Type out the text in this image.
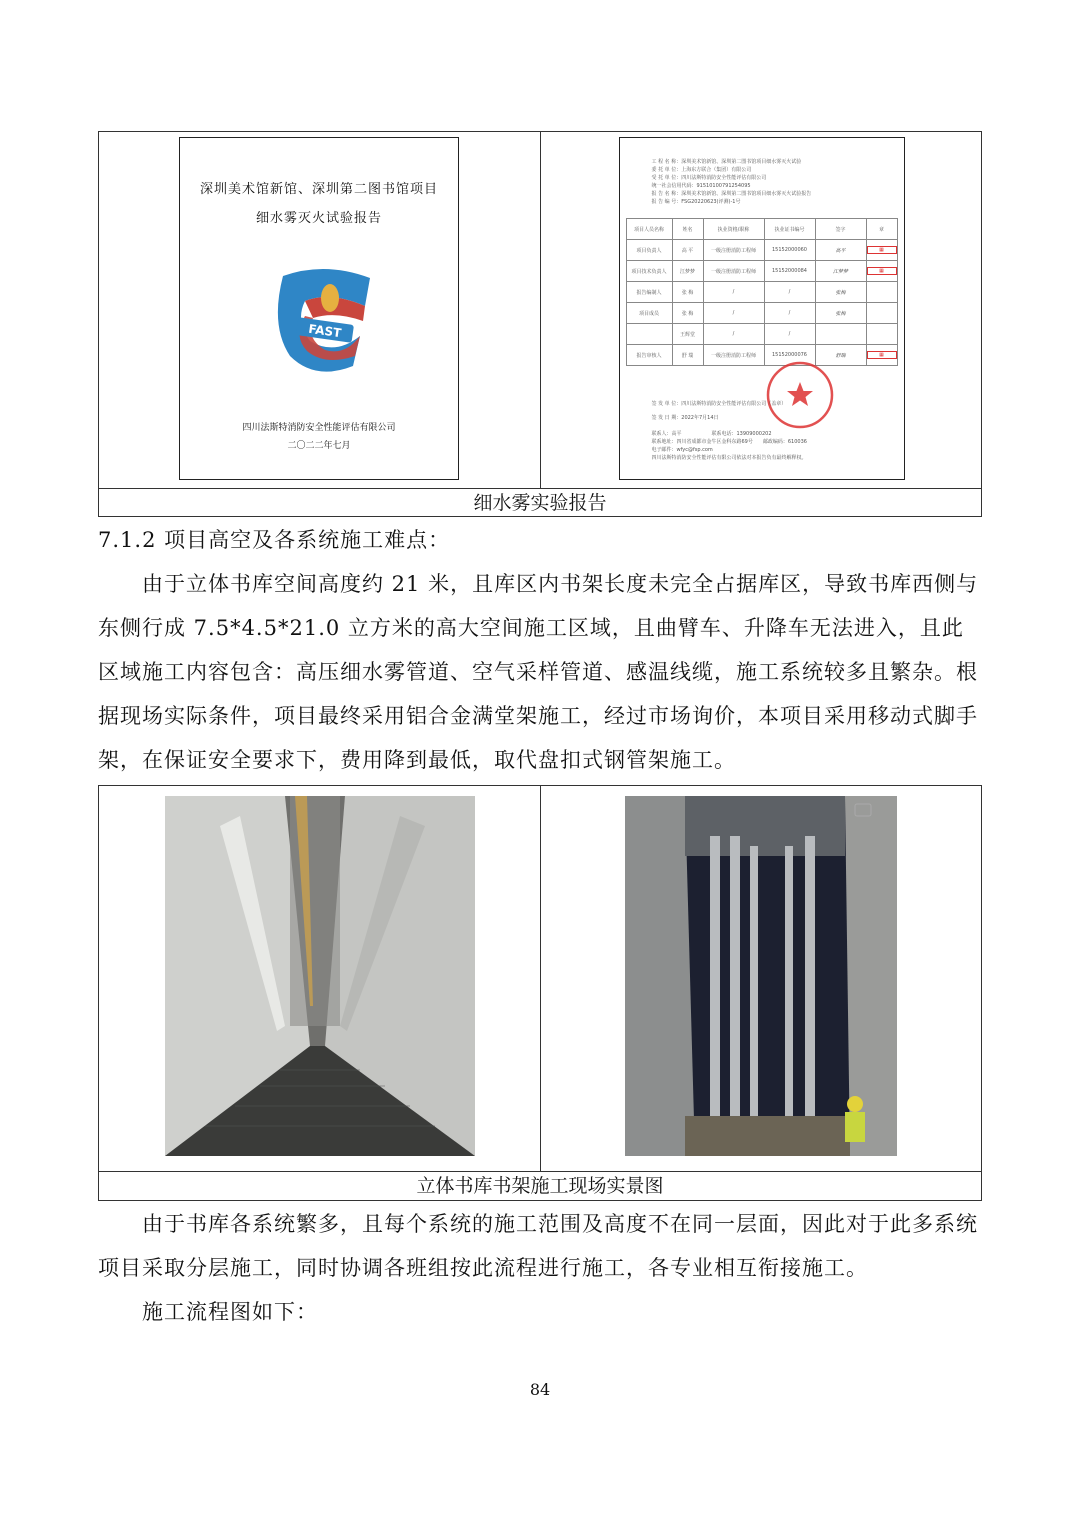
深圳美术馆新馆、深圳第二图书馆项目
细水雾灭火试验报告
FAST
四川法斯特消防安全性能评估有限公司
二〇二二年七月
工 程 名 称：深圳美术馆新馆、深圳第二图书馆项目细水雾灭火试验
委 托 单 位：上海东方联合（集团）有限公司
受 托 单 位：四川法斯特消防安全性能评估有限公司
统一社会信用代码：91510100791254095
报 告 名 称：深圳美术馆新馆、深圳第二图书馆项目细水雾灭火试验报告
报 告 编 号：FSG20220623(评测)-1号
项目人员名称	姓名	执业资格/职称	执业证书编号	签字	章
项目负责人	高 平	一级注册消防工程师	15152000060	高平	▦

项目技术负责人	江梦梦	一级注册消防工程师	15152000084	江梦梦	▦

报告编制人	张 梅	/	/	张梅	
项目成员	张 梅	/	/	张梅	
	王辉堂	/	/		
报告审核人	舒 瑞	一级注册消防工程师	15152000076	舒瑞	▦
签 发 单 位：四川法斯特消防安全性能评估有限公司（盖章）
签 发 日 期：2022年7月14日
联系人：高平　　　　　　联系电话：13909000202
联系地址：四川省成都市金牛区金科东路69号　　邮政编码：610036
电子邮件：wfyc@fsp.com
四川法斯特消防安全性能评估有限公司依法对本报告负有最终解释权。
细水雾实验报告
7.1.2 项目高空及各系统施工难点：
由于立体书库空间高度约 21 米，且库区内书架长度未完全占据库区，导致书库西侧与东侧行成 7.5*4.5*21.0 立方米的高大空间施工区域，且曲臂车、升降车无法进入，且此区域施工内容包含：高压细水雾管道、空气采样管道、感温线缆，施工系统较多且繁杂。根据现场实际条件，项目最终采用铝合金满堂架施工，经过市场询价，本项目采用移动式脚手架，在保证安全要求下，费用降到最低，取代盘扣式钢管架施工。
立体书库书架施工现场实景图
由于书库各系统繁多，且每个系统的施工范围及高度不在同一层面，因此对于此多系统项目采取分层施工，同时协调各班组按此流程进行施工，各专业相互衔接施工。
施工流程图如下：
84
